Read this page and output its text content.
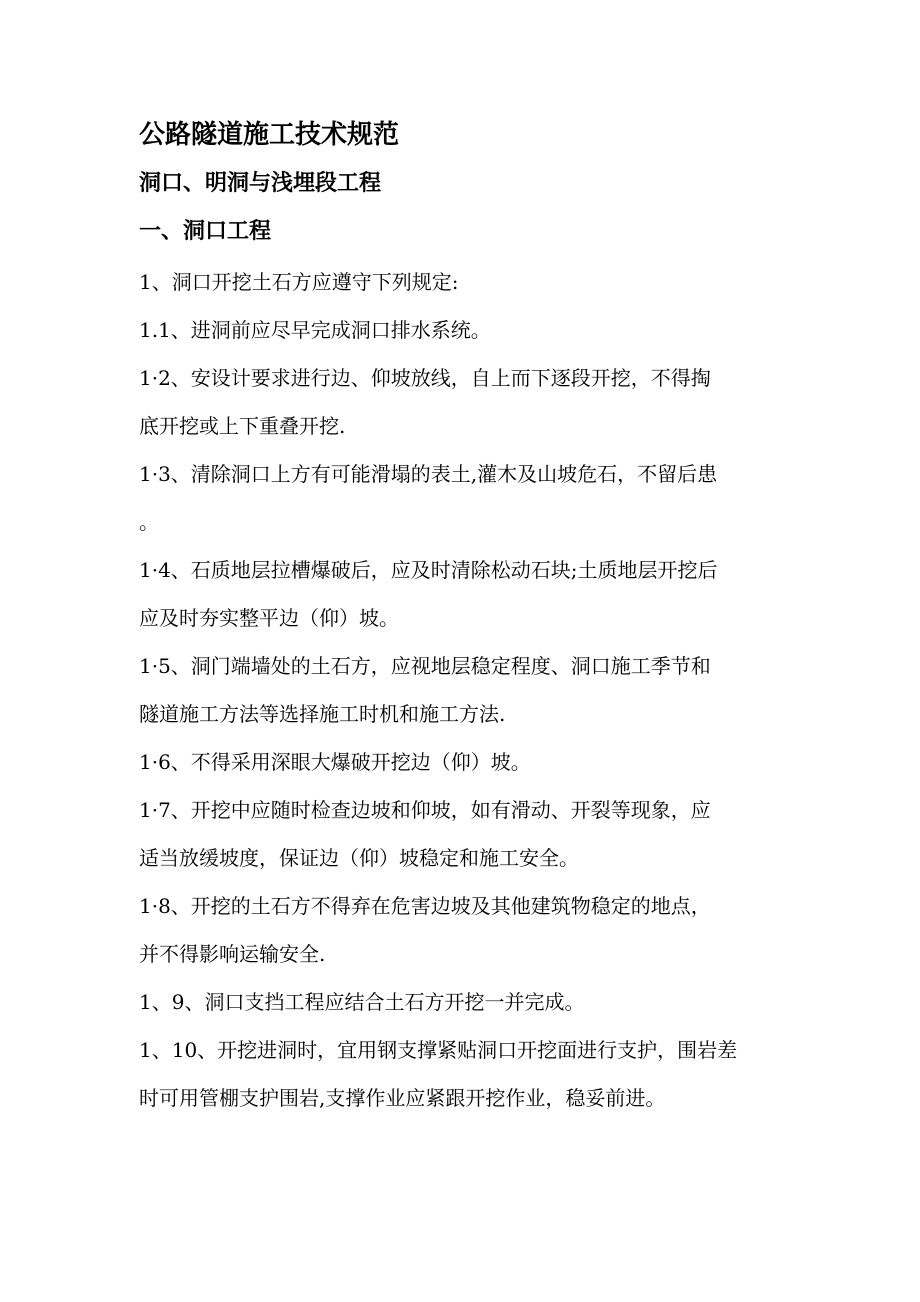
公路隧道施工技术规范
洞口、明洞与浅埋段工程
一、洞口工程

1、洞口开挖土石方应遵守下列规定:

1.1、进洞前应尽早完成洞口排水系统。

1·2、安设计要求进行边、仰坡放线，自上而下逐段开挖，不得掏

底开挖或上下重叠开挖.

1·3、清除洞口上方有可能滑塌的表土,灌木及山坡危石，不留后患

。

1·4、石质地层拉槽爆破后，应及时清除松动石块;土质地层开挖后

应及时夯实整平边（仰）坡。

1·5、洞门端墙处的土石方，应视地层稳定程度、洞口施工季节和

隧道施工方法等选择施工时机和施工方法.

1·6、不得采用深眼大爆破开挖边（仰）坡。

1·7、开挖中应随时检查边坡和仰坡，如有滑动、开裂等现象，应

适当放缓坡度，保证边（仰）坡稳定和施工安全。

1·8、开挖的土石方不得弃在危害边坡及其他建筑物稳定的地点，

并不得影响运输安全.

1、9、洞口支挡工程应结合土石方开挖一并完成。

1、10、开挖进洞时，宜用钢支撑紧贴洞口开挖面进行支护，围岩差

时可用管棚支护围岩,支撑作业应紧跟开挖作业，稳妥前进。
